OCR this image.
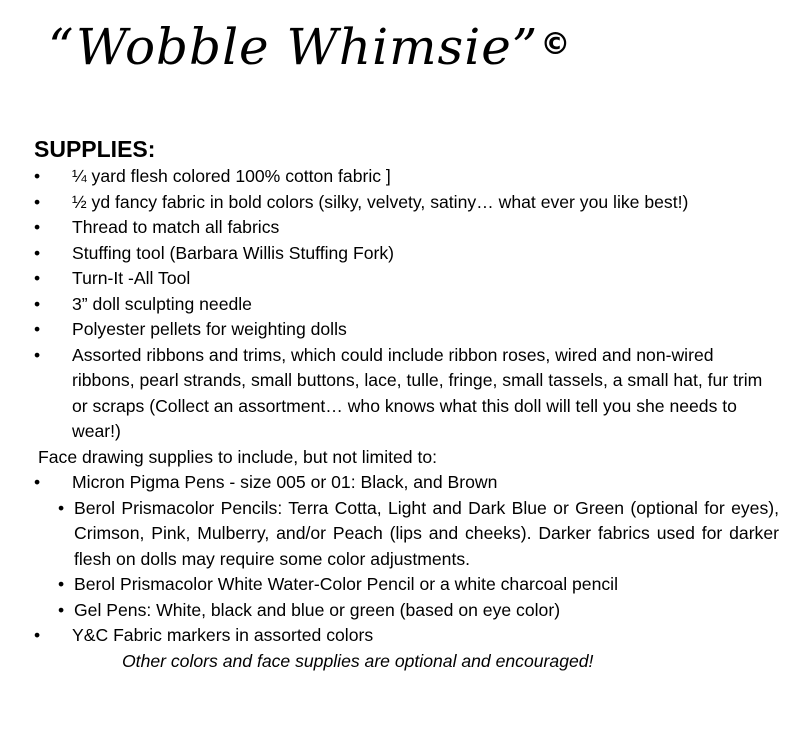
“Wobble Whimsie”©
SUPPLIES:
•	¼ yard flesh colored 100% cotton fabric ]
•	½ yd fancy fabric in bold colors (silky, velvety, satiny… what ever you like best!)
•	Thread to match all fabrics
•	Stuffing tool (Barbara Willis Stuffing Fork)
•	Turn-It -All Tool
•	3” doll sculpting needle
•	Polyester pellets for weighting dolls
•	Assorted ribbons and trims, which could include ribbon roses, wired and non-wired ribbons, pearl strands, small buttons, lace, tulle, fringe, small tassels, a small hat, fur trim or scraps (Collect an assortment… who knows what this doll will tell you she needs to wear!)
Face drawing supplies to include, but not limited to:
•	Micron Pigma Pens - size 005 or 01: Black, and Brown
• Berol Prismacolor Pencils: Terra Cotta, Light and Dark Blue or Green (optional for eyes), Crimson, Pink, Mulberry, and/or Peach (lips and cheeks). Darker fabrics used for darker flesh on dolls may require some color adjustments.
• Berol Prismacolor White Water-Color Pencil or a white charcoal pencil
• Gel Pens: White, black and blue or green (based on eye color)
•	Y&C Fabric markers in assorted colors
Other colors and face supplies are optional and encouraged!
